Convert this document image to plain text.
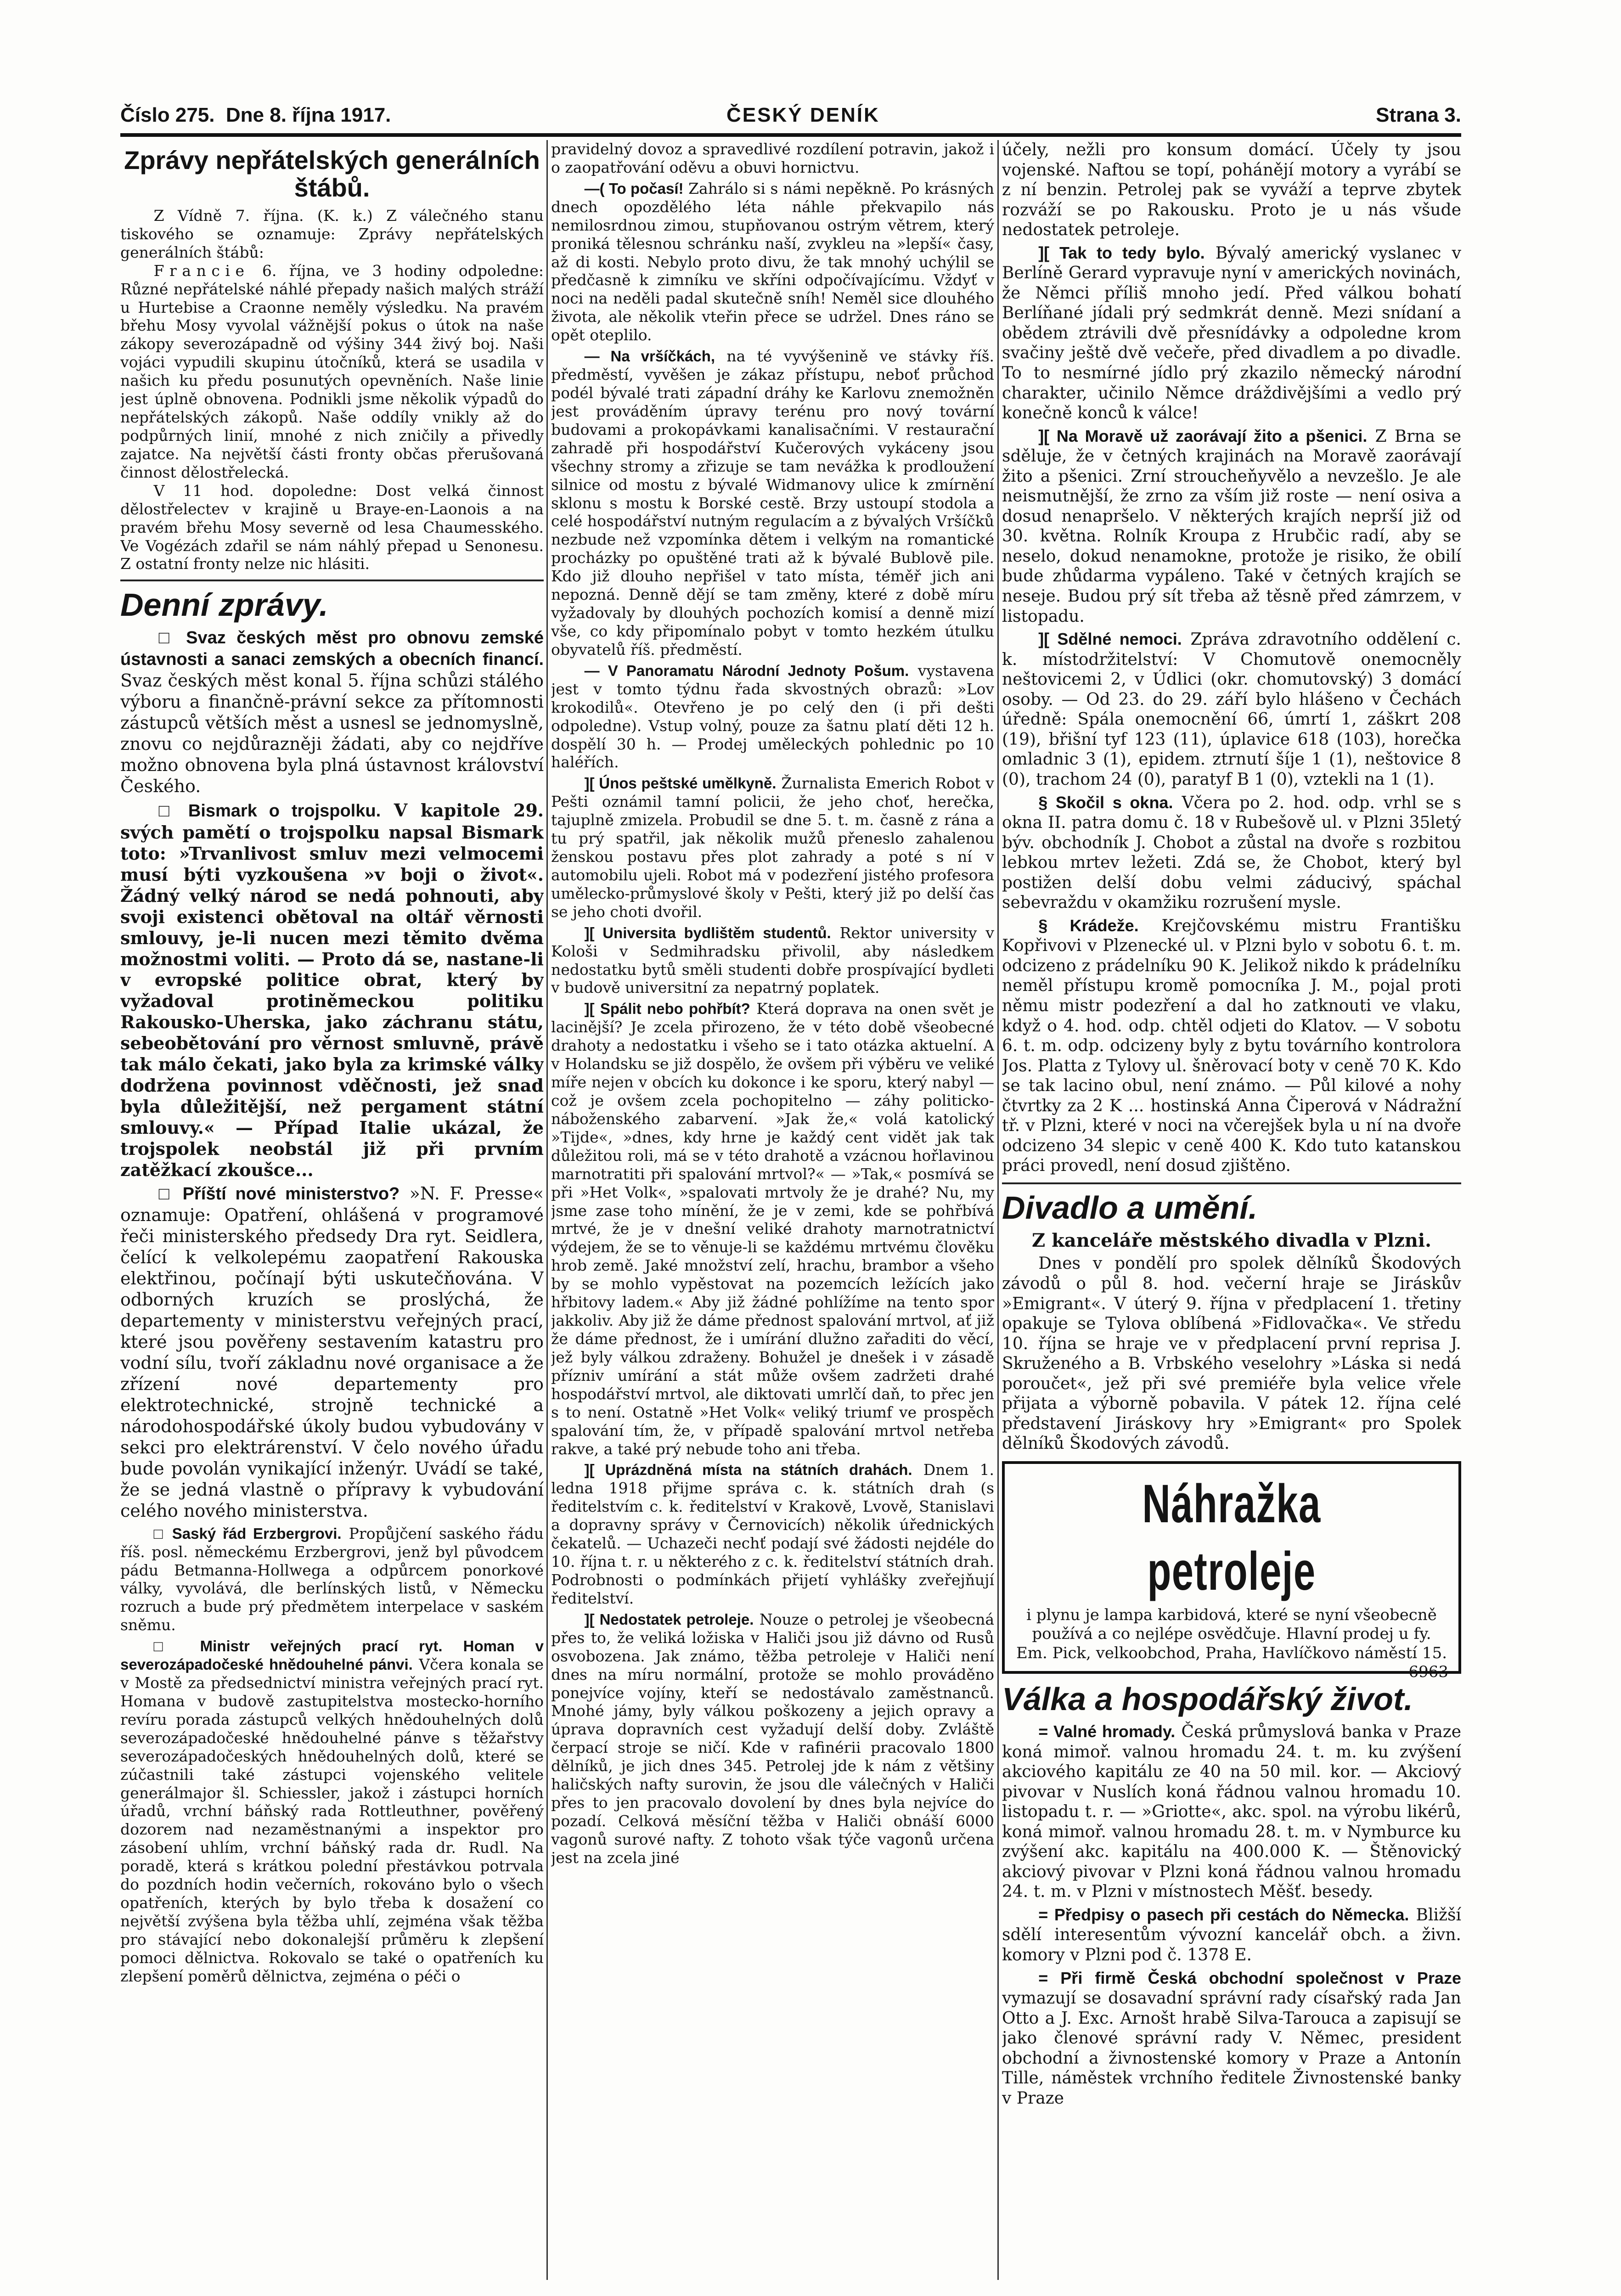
Číslo 275. Dne 8. října 1917.	ČESKÝ DENÍK	Strana 3.
Zprávy nepřátelských generálních štábů.

Z Vídně 7. října. (K. k.) Z válečného stanu tiskového se oznamuje: Zprávy nepřátelských generálních štábů:

Francie 6. října, ve 3 hodiny odpoledne: Různé nepřátelské náhlé přepady našich malých stráží u Hurtebise a Craonne neměly výsledku. Na pravém břehu Mosy vyvolal vážnější pokus o útok na naše zákopy severozápadně od výšiny 344 živý boj. Naši vojáci vypudili skupinu útočníků, která se usadila v našich ku předu posunutých opevněních. Naše linie jest úplně obnovena. Podnikli jsme několik výpadů do nepřátelských zákopů. Naše oddíly vnikly až do podpůrných linií, mnohé z nich zničily a přivedly zajatce. Na největší části fronty občas přerušovaná činnost dělostřelecká.

V 11 hod. dopoledne: Dost velká činnost dělostřelectev v krajině u Braye-en-Laonois a na pravém břehu Mosy severně od lesa Chaumesského. Ve Vogézách zdařil se nám náhlý přepad u Senonesu. Z ostatní fronty nelze nic hlásiti.

Denní zprávy.

□ Svaz českých měst pro obnovu zemské ústavnosti a sanaci zemských a obecních financí. Svaz českých měst konal 5. října schůzi stálého výboru a finančně-právní sekce za přítomnosti zástupců větších měst a usnesl se jednomyslně, znovu co nejdůrazněji žádati, aby co nejdříve možno obnovena byla plná ústavnost království Českého.

□ Bismark o trojspolku. V kapitole 29. svých pamětí o trojspolku napsal Bismark toto: »Trvanlivost smluv mezi velmocemi musí býti vyzkoušena »v boji o život«. Žádný velký národ se nedá pohnouti, aby svoji existenci obětoval na oltář věrnosti smlouvy, je-li nucen mezi těmito dvěma možnostmi voliti. — Proto dá se, nastane-li v evropské politice obrat, který by vyžadoval protiněmeckou politiku Rakousko-Uherska, jako záchranu státu, sebeobětování pro věrnost smluvně, právě tak málo čekati, jako byla za krimské války dodržena povinnost vděčnosti, jež snad byla důležitější, než pergament státní smlouvy.« — Případ Italie ukázal, že trojspolek neobstál již při prvním zatěžkací zkoušce...

□ Příští nové ministerstvo? »N. F. Presse« oznamuje: Opatření, ohlášená v programové řeči ministerského předsedy Dra ryt. Seidlera, čelící k velkolepému zaopatření Rakouska elektřinou, počínají býti uskutečňována. V odborných kruzích se proslýchá, že departementy v ministerstvu veřejných prací, které jsou pověřeny sestavením katastru pro vodní sílu, tvoří základnu nové organisace a že zřízení nové departementy pro elektrotechnické, strojně technické a národohospodářské úkoly budou vybudovány v sekci pro elektrárenství. V čelo nového úřadu bude povolán vynikající inženýr. Uvádí se také, že se jedná vlastně o přípravy k vybudování celého nového ministerstva.

□ Saský řád Erzbergrovi. Propůjčení saského řádu říš. posl. německému Erzbergrovi, jenž byl původcem pádu Betmanna-Hollwega a odpůrcem ponorkové války, vyvolává, dle berlínských listů, v Německu rozruch a bude prý předmětem interpelace v saském sněmu.

□ Ministr veřejných prací ryt. Homan v severozápadočeské hnědouhelné pánvi. Včera konala se v Mostě za předsednictví ministra veřejných prací ryt. Homana v budově zastupitelstva mostecko-horního revíru porada zástupců velkých hnědouhelných dolů severozápadočeské hnědouhelné pánve s těžařstvy severozápadočeských hnědouhelných dolů, které se zúčastnili také zástupci vojenského velitele generálmajor šl. Schiessler, jakož i zástupci horních úřadů, vrchní báňský rada Rottleuthner, pověřený dozorem nad nezaměstnanými a inspektor pro zásobení uhlím, vrchní báňský rada dr. Rudl. Na poradě, která s krátkou polední přestávkou potrvala do pozdních hodin večerních, rokováno bylo o všech opatřeních, kterých by bylo třeba k dosažení co největší zvýšena byla těžba uhlí, zejména však těžba pro stávající nebo dokonalejší průměru k zlepšení pomoci dělnictva. Rokovalo se také o opatřeních ku zlepšení poměrů dělnictva, zejména o péči o

pravidelný dovoz a spravedlivé rozdílení potravin, jakož i o zaopatřování oděvu a obuvi hornictvu.

—( To počasí! Zahrálo si s námi nepěkně. Po krásných dnech opozdělého léta náhle překvapilo nás nemilosrdnou zimou, stupňovanou ostrým větrem, který proniká tělesnou schránku naší, zvykleu na »lepší« časy, až di kosti. Nebylo proto divu, že tak mnohý uchýlil se předčasně k zimníku ve skříni odpočívajícímu. Vždyť v noci na neděli padal skutečně sníh! Neměl sice dlouhého života, ale několik vteřin přece se udržel. Dnes ráno se opět oteplilo.

— Na vršíčkách, na té vyvýšenině ve stávky říš. předměstí, vyvěšen je zákaz přístupu, neboť průchod podél bývalé trati západní dráhy ke Karlovu znemožněn jest prováděním úpravy terénu pro nový tovární budovami a prokopávkami kanalisačními. V restaurační zahradě při hospodářství Kučerových vykáceny jsou všechny stromy a zřizuje se tam nevážka k prodloužení silnice od mostu z bývalé Widmanovy ulice k zmírnění sklonu s mostu k Borské cestě. Brzy ustoupí stodola a celé hospodářství nutným regulacím a z bývalých Vršíčků nezbude než vzpomínka dětem i velkým na romantické procházky po opuštěné trati až k bývalé Bublově pile. Kdo již dlouho nepřišel v tato místa, téměř jich ani nepozná. Denně dějí se tam změny, které z době míru vyžadovaly by dlouhých pochozích komisí a denně mizí vše, co kdy připomínalo pobyt v tomto hezkém útulku obyvatelů říš. předměstí.

— V Panoramatu Národní Jednoty Pošum. vystavena jest v tomto týdnu řada skvostných obrazů: »Lov krokodilů«. Otevřeno je po celý den (i při dešti odpoledne). Vstup volný, pouze za šatnu platí děti 12 h. dospělí 30 h. — Prodej uměleckých pohlednic po 10 haléřích.

][ Únos peštské umělkyně. Žurnalista Emerich Robot v Pešti oznámil tamní policii, že jeho choť, herečka, tajuplně zmizela. Probudil se dne 5. t. m. časně z rána a tu prý spatřil, jak několik mužů přeneslo zahalenou ženskou postavu přes plot zahrady a poté s ní v automobilu ujeli. Robot má v podezření jistého profesora umělecko-průmyslové školy v Pešti, který již po delší čas se jeho choti dvořil.

][ Universita bydlištěm studentů. Rektor university v Kološi v Sedmihradsku přivolil, aby následkem nedostatku bytů směli studenti dobře prospívající bydleti v budově universitní za nepatrný poplatek.

][ Spálit nebo pohřbít? Která doprava na onen svět je lacinější? Je zcela přirozeno, že v této době všeobecné drahoty a nedostatku i všeho se i tato otázka aktuelní. A v Holandsku se již dospělo, že ovšem při výběru ve veliké míře nejen v obcích ku dokonce i ke sporu, který nabyl — což je ovšem zcela pochopitelno — záhy politicko-náboženského zabarvení. »Jak že,« volá katolický »Tijde«, »dnes, kdy hrne je každý cent vidět jak tak důležitou roli, má se v této drahotě a vzácnou hořlavinou marnotratiti při spalování mrtvol?« — »Tak,« posmívá se při »Het Volk«, »spalovati mrtvoly že je drahé? Nu, my jsme zase toho mínění, že je v zemi, kde se pohřbívá mrtvé, že je v dnešní veliké drahoty marnotratnictví výdejem, že se to věnuje-li se každému mrtvému člověku hrob země. Jaké množství zelí, hrachu, brambor a všeho by se mohlo vypěstovat na pozemcích ležících jako hřbitovy ladem.« Aby již žádné pohlížíme na tento spor jakkoliv. Aby již že dáme přednost spalování mrtvol, ať již že dáme přednost, že i umírání dlužno zařaditi do věcí, jež byly válkou zdraženy. Bohužel je dnešek i v zásadě přízniv umírání a stát může ovšem zadržeti drahé hospodářství mrtvol, ale diktovati umrlčí daň, to přec jen s to není. Ostatně »Het Volk« veliký triumf ve prospěch spalování tím, že, v případě spalování mrtvol netřeba rakve, a také prý nebude toho ani třeba.

][ Uprázdněná místa na státních drahách. Dnem 1. ledna 1918 přijme správa c. k. státních drah (s ředitelstvím c. k. ředitelství v Krakově, Lvově, Stanislavi a dopravny správy v Černovicích) několik úřednických čekatelů. — Uchazeči nechť podají své žádosti nejdéle do 10. října t. r. u některého z c. k. ředitelství státních drah. Podrobnosti o podmínkách přijetí vyhlášky zveřejňují ředitelství.

][ Nedostatek petroleje. Nouze o petrolej je všeobecná přes to, že veliká ložiska v Haliči jsou již dávno od Rusů osvobozena. Jak známo, těžba petroleje v Haliči není dnes na míru normální, protože se mohlo prováděno ponejvíce vojíny, kteří se nedostávalo zaměstnanců. Mnohé jámy, byly válkou poškozeny a jejich opravy a úprava dopravních cest vyžadují delší doby. Zvláště čerpací stroje se ničí. Kde v rafinérii pracovalo 1800 dělníků, je jich dnes 345. Petrolej jde k nám z většiny haličských nafty surovin, že jsou dle válečných v Haliči přes to jen pracovalo dovolení by dnes byla nejvíce do pozadí. Celková měsíční těžba v Haliči obnáší 6000 vagonů surové nafty. Z tohoto však týče vagonů určena jest na zcela jiné

účely, nežli pro konsum domácí. Účely ty jsou vojenské. Naftou se topí, pohánějí motory a vyrábí se z ní benzin. Petrolej pak se vyváží a teprve zbytek rozváží se po Rakousku. Proto je u nás všude nedostatek petroleje.

][ Tak to tedy bylo. Bývalý americký vyslanec v Berlíně Gerard vypravuje nyní v amerických novinách, že Němci příliš mnoho jedí. Před válkou bohatí Berlíňané jídali prý sedmkrát denně. Mezi snídaní a obědem ztrávili dvě přesnídávky a odpoledne krom svačiny ještě dvě večeře, před divadlem a po divadle. To to nesmírné jídlo prý zkazilo německý národní charakter, učinilo Němce dráždivějšími a vedlo prý konečně konců k válce!

][ Na Moravě už zaorávají žito a pšenici. Z Brna se sděluje, že v četných krajinách na Moravě zaorávají žito a pšenici. Zrní stroucheňyvělo a nevzešlo. Je ale neismutnější, že zrno za vším již roste — není osiva a dosud nenapršelo. V některých krajích neprší již od 30. května. Rolník Kroupa z Hrubčic radí, aby se neselo, dokud nenamokne, protože je risiko, že obilí bude zhůdarma vypáleno. Také v četných krajích se neseje. Budou prý sít třeba až těsně před zámrzem, v listopadu.

][ Sdělné nemoci. Zpráva zdravotního oddělení c. k. místodržitelství: V Chomutově onemocněly neštovicemi 2, v Údlici (okr. chomutovský) 3 domácí osoby. — Od 23. do 29. září bylo hlášeno v Čechách úředně: Spála onemocnění 66, úmrtí 1, záškrt 208 (19), břišní tyf 123 (11), úplavice 618 (103), horečka omladnic 3 (1), epidem. ztrnutí šíje 1 (1), neštovice 8 (0), trachom 24 (0), paratyf B 1 (0), vztekli na 1 (1).

§ Skočil s okna. Včera po 2. hod. odp. vrhl se s okna II. patra domu č. 18 v Rubešově ul. v Plzni 35letý býv. obchodník J. Chobot a zůstal na dvoře s rozbitou lebkou mrtev ležeti. Zdá se, že Chobot, který byl postižen delší dobu velmi záducivý, spáchal sebevraždu v okamžiku rozrušení mysle.

§ Krádeže. Krejčovskému mistru Františku Kopřivovi v Plzenecké ul. v Plzni bylo v sobotu 6. t. m. odcizeno z prádelníku 90 K. Jelikož nikdo k prádelníku neměl přístupu kromě pomocníka J. M., pojal proti němu mistr podezření a dal ho zatknouti ve vlaku, když o 4. hod. odp. chtěl odjeti do Klatov. — V sobotu 6. t. m. odp. odcizeny byly z bytu továrního kontrolora Jos. Platta z Tylovy ul. šněrovací boty v ceně 70 K. Kdo se tak lacino obul, není známo. — Půl kilové a nohy čtvrtky za 2 K ... hostinská Anna Čiperová v Nádražní tř. v Plzni, které v noci na včerejšek byla u ní na dvoře odcizeno 34 slepic v ceně 400 K. Kdo tuto katanskou práci provedl, není dosud zjištěno.

Divadlo a umění.
Z kanceláře městského divadla v Plzni.

Dnes v pondělí pro spolek dělníků Škodových závodů o půl 8. hod. večerní hraje se Jiráskův »Emigrant«. V úterý 9. října v předplacení 1. třetiny opakuje se Tylova oblíbená »Fidlovačka«. Ve středu 10. října se hraje ve v předplacení první reprisa J. Skruženého a B. Vrbského veselohry »Láska si nedá poroučet«, jež při své premiéře byla velice vřele přijata a výborně pobavila. V pátek 12. října celé představení Jiráskovy hry »Emigrant« pro Spolek dělníků Škodových závodů.

Náhražka petroleje
i plynu je lampa karbidová, které se nyní všeobecně používá a co nejlépe osvědčuje. Hlavní prodej u fy. Em. Pick, velkoobchod, Praha, Havlíčkovo náměstí 15.
6963
Válka a hospodářský život.

= Valné hromady. Česká průmyslová banka v Praze koná mimoř. valnou hromadu 24. t. m. ku zvýšení akciového kapitálu ze 40 na 50 mil. kor. — Akciový pivovar v Nuslích koná řádnou valnou hromadu 10. listopadu t. r. — »Griotte«, akc. spol. na výrobu likérů, koná mimoř. valnou hromadu 28. t. m. v Nymburce ku zvýšení akc. kapitálu na 400.000 K. — Štěnovický akciový pivovar v Plzni koná řádnou valnou hromadu 24. t. m. v Plzni v místnostech Měšť. besedy.

= Předpisy o pasech při cestách do Německa. Bližší sdělí interesentům vývozní kancelář obch. a živn. komory v Plzni pod č. 1378 E.

= Při firmě Česká obchodní společnost v Praze vymazují se dosavadní správní rady císařský rada Jan Otto a J. Exc. Arnošt hrabě Silva-Tarouca a zapisují se jako členové správní rady V. Němec, president obchodní a živnostenské komory v Praze a Antonín Tille, náměstek vrchního ředitele Živnostenské banky v Praze
